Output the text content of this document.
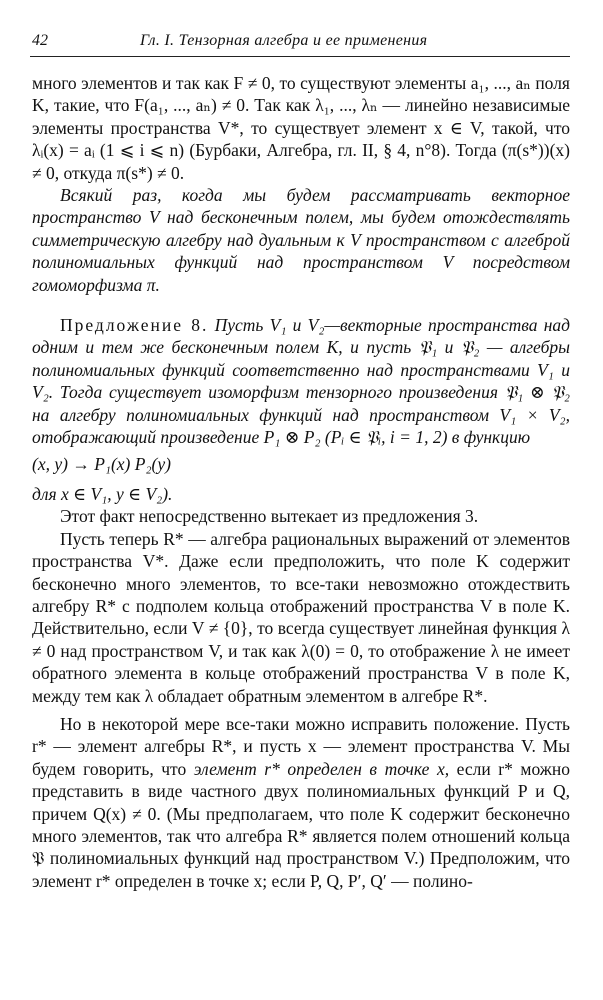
42	Гл. I. Тензорная алгебра и ее применения

много элементов и так как F ≠ 0, то существуют элементы a₁, ..., aₙ поля K, такие, что F(a₁, ..., aₙ) ≠ 0. Так как λ₁, ..., λₙ — линейно независимые элементы пространства V*, то существует элемент x ∈ V, такой, что λᵢ(x) = aᵢ (1 ⩽ i ⩽ n) (Бурбаки, Алгебра, гл. II, § 4, n°8). Тогда (π(s*))(x) ≠ 0, откуда π(s*) ≠ 0.

Всякий раз, когда мы будем рассматривать векторное пространство V над бесконечным полем, мы будем отождествлять симметрическую алгебру над дуальным к V пространством с алгеброй полиномиальных функций над пространством V посредством гомоморфизма π.

Предложение 8. Пусть V₁ и V₂—векторные пространства над одним и тем же бесконечным полем K, и пусть 𝔓₁ и 𝔓₂ — алгебры полиномиальных функций соответственно над пространствами V₁ и V₂. Тогда существует изоморфизм тензорного произведения 𝔓₁ ⊗ 𝔓₂ на алгебру полиномиальных функций над пространством V₁ × V₂, отображающий произведение P₁ ⊗ P₂ (Pᵢ ∈ 𝔓ᵢ, i = 1, 2) в функцию

(x, y) → P₁(x) P₂(y)

для x ∈ V₁, y ∈ V₂).

Этот факт непосредственно вытекает из предложения 3.

Пусть теперь R* — алгебра рациональных выражений от элементов пространства V*. Даже если предположить, что поле K содержит бесконечно много элементов, то все-таки невозможно отождествить алгебру R* с подполем кольца отображений пространства V в поле K. Действительно, если V ≠ {0}, то всегда существует линейная функция λ ≠ 0 над пространством V, и так как λ(0) = 0, то отображение λ не имеет обратного элемента в кольце отображений пространства V в поле K, между тем как λ обладает обратным элементом в алгебре R*.

Но в некоторой мере все-таки можно исправить положение. Пусть r* — элемент алгебры R*, и пусть x — элемент пространства V. Мы будем говорить, что элемент r* определен в точке x, если r* можно представить в виде частного двух полиномиальных функций P и Q, причем Q(x) ≠ 0. (Мы предполагаем, что поле K содержит бесконечно много элементов, так что алгебра R* является полем отношений кольца 𝔓 полиномиальных функций над пространством V.) Предположим, что элемент r* определен в точке x; если P, Q, P′, Q′ — полино-
